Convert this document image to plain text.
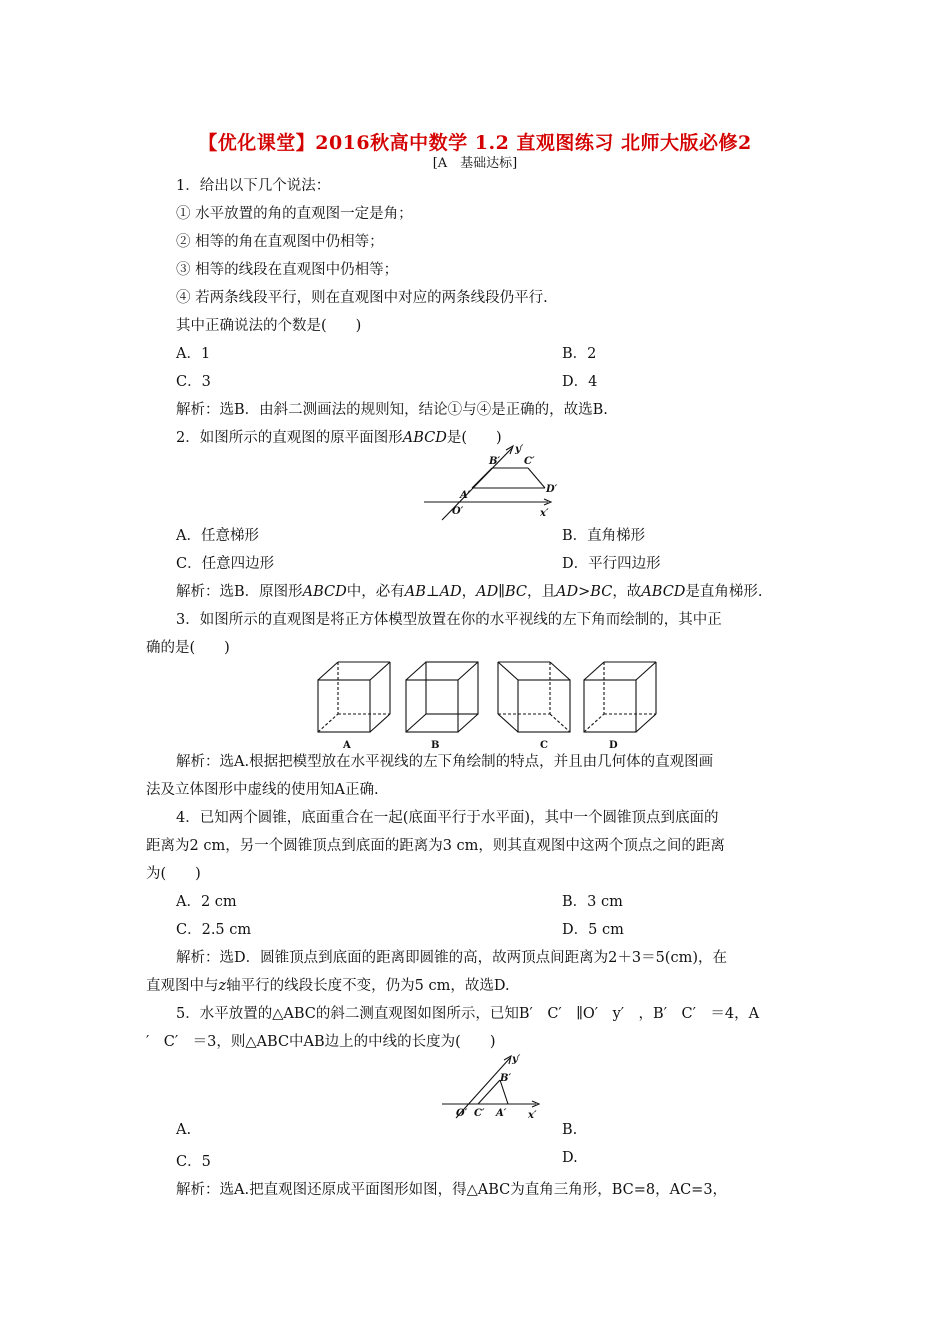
【优化课堂】2016秋高中数学 1.2 直观图练习 北师大版必修2
[A　基础达标]
1．给出以下几个说法：
① 水平放置的角的直观图一定是角；
② 相等的角在直观图中仍相等；
③ 相等的线段在直观图中仍相等；
④ 若两条线段平行，则在直观图中对应的两条线段仍平行.
其中正确说法的个数是(　　)
A．1	B．2
C．3	D．4
解析：选B．由斜二测画法的规则知，结论①与④是正确的，故选B.
2．如图所示的直观图的原平面图形ABCD是(　　)
y′
B′ C′
D′
A′
O′	x′
A．任意梯形	B．直角梯形
C．任意四边形	D．平行四边形
解析：选B．原图形ABCD中，必有AB⊥AD，AD∥BC，且AD>BC，故ABCD是直角梯形.
3．如图所示的直观图是将正方体模型放置在你的水平视线的左下角而绘制的，其中正
确的是(　　)
A	B	C	D
解析：选A.根据把模型放在水平视线的左下角绘制的特点，并且由几何体的直观图画
法及立体图形中虚线的使用知A正确.
4．已知两个圆锥，底面重合在一起(底面平行于水平面)，其中一个圆锥顶点到底面的
距离为2 cm，另一个圆锥顶点到底面的距离为3 cm，则其直观图中这两个顶点之间的距离
为(　　)
A．2 cm	B．3 cm
C．2.5 cm	D．5 cm
解析：选D．圆锥顶点到底面的距离即圆锥的高，故两顶点间距离为2＋3＝5(cm)，在
直观图中与z轴平行的线段长度不变，仍为5 cm，故选D.
5．水平放置的△ABC的斜二测直观图如图所示，已知B′　C′　∥O′　y′　，B′　C′　＝4，A
′　C′　＝3，则△ABC中AB边上的中线的长度为(　　)
y′
B′
O′ C′ A′ x′
A.	B.
C．5	D.
解析：选A.把直观图还原成平面图形如图，得△ABC为直角三角形，BC=8，AC=3，
